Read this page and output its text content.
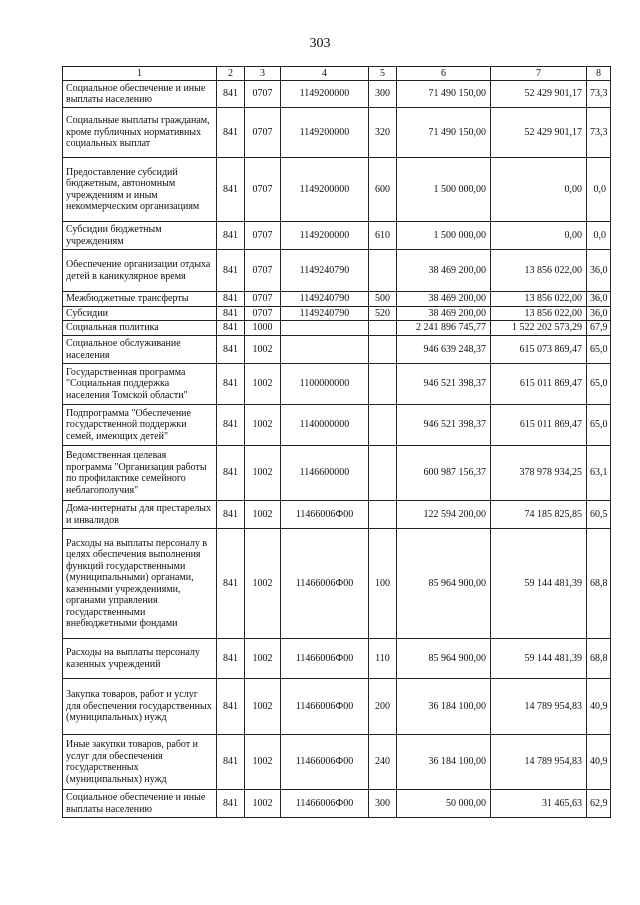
303
1	2	3	4	5	6	7	8
Социальное обеспечение и иные выплаты населению	841	0707	1149200000	300	71 490 150,00	52 429 901,17	73,3
Социальные выплаты гражданам, кроме публичных нормативных социальных выплат	841	0707	1149200000	320	71 490 150,00	52 429 901,17	73,3
Предоставление субсидий бюджетным, автономным учреждениям и иным некоммерческим организациям	841	0707	1149200000	600	1 500 000,00	0,00	0,0
Субсидии бюджетным учреждениям	841	0707	1149200000	610	1 500 000,00	0,00	0,0
Обеспечение организации отдыха детей в каникулярное время	841	0707	1149240790		38 469 200,00	13 856 022,00	36,0
Межбюджетные трансферты	841	0707	1149240790	500	38 469 200,00	13 856 022,00	36,0
Субсидии	841	0707	1149240790	520	38 469 200,00	13 856 022,00	36,0
Социальная политика	841	1000			2 241 896 745,77	1 522 202 573,29	67,9
Социальное обслуживание населения	841	1002			946 639 248,37	615 073 869,47	65,0
Государственная программа "Социальная поддержка населения Томской области"	841	1002	1100000000		946 521 398,37	615 011 869,47	65,0
Подпрограмма "Обеспечение государственной поддержки семей, имеющих детей"	841	1002	1140000000		946 521 398,37	615 011 869,47	65,0
Ведомственная целевая программа "Организация работы по профилактике семейного неблагополучия"	841	1002	1146600000		600 987 156,37	378 978 934,25	63,1
Дома-интернаты для престарелых и инвалидов	841	1002	11466006Ф00		122 594 200,00	74 185 825,85	60,5
Расходы на выплаты персоналу в целях обеспечения выполнения функций государственными (муниципальными) органами, казенными учреждениями, органами управления государственными внебюджетными фондами	841	1002	11466006Ф00	100	85 964 900,00	59 144 481,39	68,8
Расходы на выплаты персоналу казенных учреждений	841	1002	11466006Ф00	110	85 964 900,00	59 144 481,39	68,8
Закупка товаров, работ и услуг для обеспечения государственных (муниципальных) нужд	841	1002	11466006Ф00	200	36 184 100,00	14 789 954,83	40,9
Иные закупки товаров, работ и услуг для обеспечения государственных (муниципальных) нужд	841	1002	11466006Ф00	240	36 184 100,00	14 789 954,83	40,9
Социальное обеспечение и иные выплаты населению	841	1002	11466006Ф00	300	50 000,00	31 465,63	62,9
